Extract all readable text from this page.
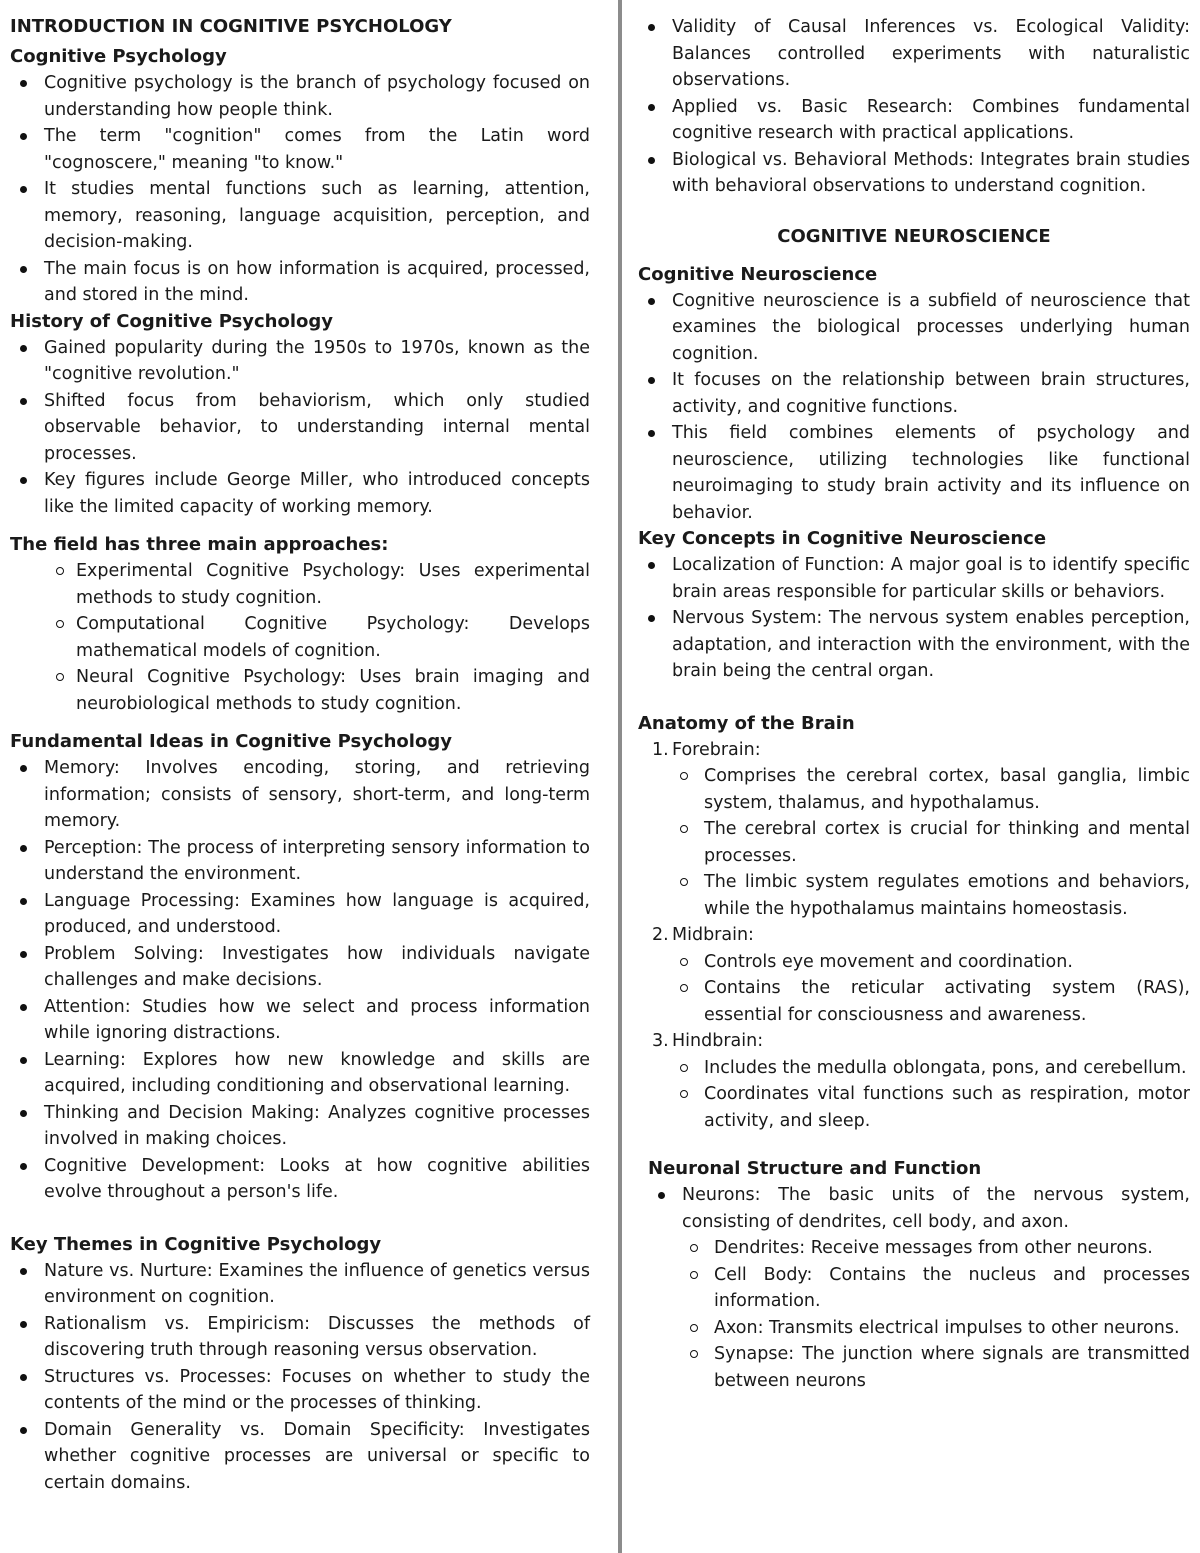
INTRODUCTION IN COGNITIVE PSYCHOLOGY
Cognitive Psychology
Cognitive psychology is the branch of psychology focused on understanding how people think.
The term "cognition" comes from the Latin word "cognoscere," meaning "to know."
It studies mental functions such as learning, attention, memory, reasoning, language acquisition, perception, and decision-making.
The main focus is on how information is acquired, processed, and stored in the mind.
History of Cognitive Psychology
Gained popularity during the 1950s to 1970s, known as the "cognitive revolution."
Shifted focus from behaviorism, which only studied observable behavior, to understanding internal mental processes.
Key figures include George Miller, who introduced concepts like the limited capacity of working memory.
The field has three main approaches:
Experimental Cognitive Psychology: Uses experimental methods to study cognition.
Computational Cognitive Psychology: Develops mathematical models of cognition.
Neural Cognitive Psychology: Uses brain imaging and neurobiological methods to study cognition.
Fundamental Ideas in Cognitive Psychology
Memory: Involves encoding, storing, and retrieving information; consists of sensory, short-term, and long-term memory.
Perception: The process of interpreting sensory information to understand the environment.
Language Processing: Examines how language is acquired, produced, and understood.
Problem Solving: Investigates how individuals navigate challenges and make decisions.
Attention: Studies how we select and process information while ignoring distractions.
Learning: Explores how new knowledge and skills are acquired, including conditioning and observational learning.
Thinking and Decision Making: Analyzes cognitive processes involved in making choices.
Cognitive Development: Looks at how cognitive abilities evolve throughout a person's life.
Key Themes in Cognitive Psychology
Nature vs. Nurture: Examines the influence of genetics versus environment on cognition.
Rationalism vs. Empiricism: Discusses the methods of discovering truth through reasoning versus observation.
Structures vs. Processes: Focuses on whether to study the contents of the mind or the processes of thinking.
Domain Generality vs. Domain Specificity: Investigates whether cognitive processes are universal or specific to certain domains.
Validity of Causal Inferences vs. Ecological Validity: Balances controlled experiments with naturalistic observations.
Applied vs. Basic Research: Combines fundamental cognitive research with practical applications.
Biological vs. Behavioral Methods: Integrates brain studies with behavioral observations to understand cognition.
COGNITIVE NEUROSCIENCE
Cognitive Neuroscience
Cognitive neuroscience is a subfield of neuroscience that examines the biological processes underlying human cognition.
It focuses on the relationship between brain structures, activity, and cognitive functions.
This field combines elements of psychology and neuroscience, utilizing technologies like functional neuroimaging to study brain activity and its influence on behavior.
Key Concepts in Cognitive Neuroscience
Localization of Function: A major goal is to identify specific brain areas responsible for particular skills or behaviors.
Nervous System: The nervous system enables perception, adaptation, and interaction with the environment, with the brain being the central organ.
Anatomy of the Brain
1. Forebrain:
Comprises the cerebral cortex, basal ganglia, limbic system, thalamus, and hypothalamus.
The cerebral cortex is crucial for thinking and mental processes.
The limbic system regulates emotions and behaviors, while the hypothalamus maintains homeostasis.
2. Midbrain:
Controls eye movement and coordination.
Contains the reticular activating system (RAS), essential for consciousness and awareness.
3. Hindbrain:
Includes the medulla oblongata, pons, and cerebellum.
Coordinates vital functions such as respiration, motor activity, and sleep.
Neuronal Structure and Function
Neurons: The basic units of the nervous system, consisting of dendrites, cell body, and axon.
Dendrites: Receive messages from other neurons.
Cell Body: Contains the nucleus and processes information.
Axon: Transmits electrical impulses to other neurons.
Synapse: The junction where signals are transmitted between neurons
